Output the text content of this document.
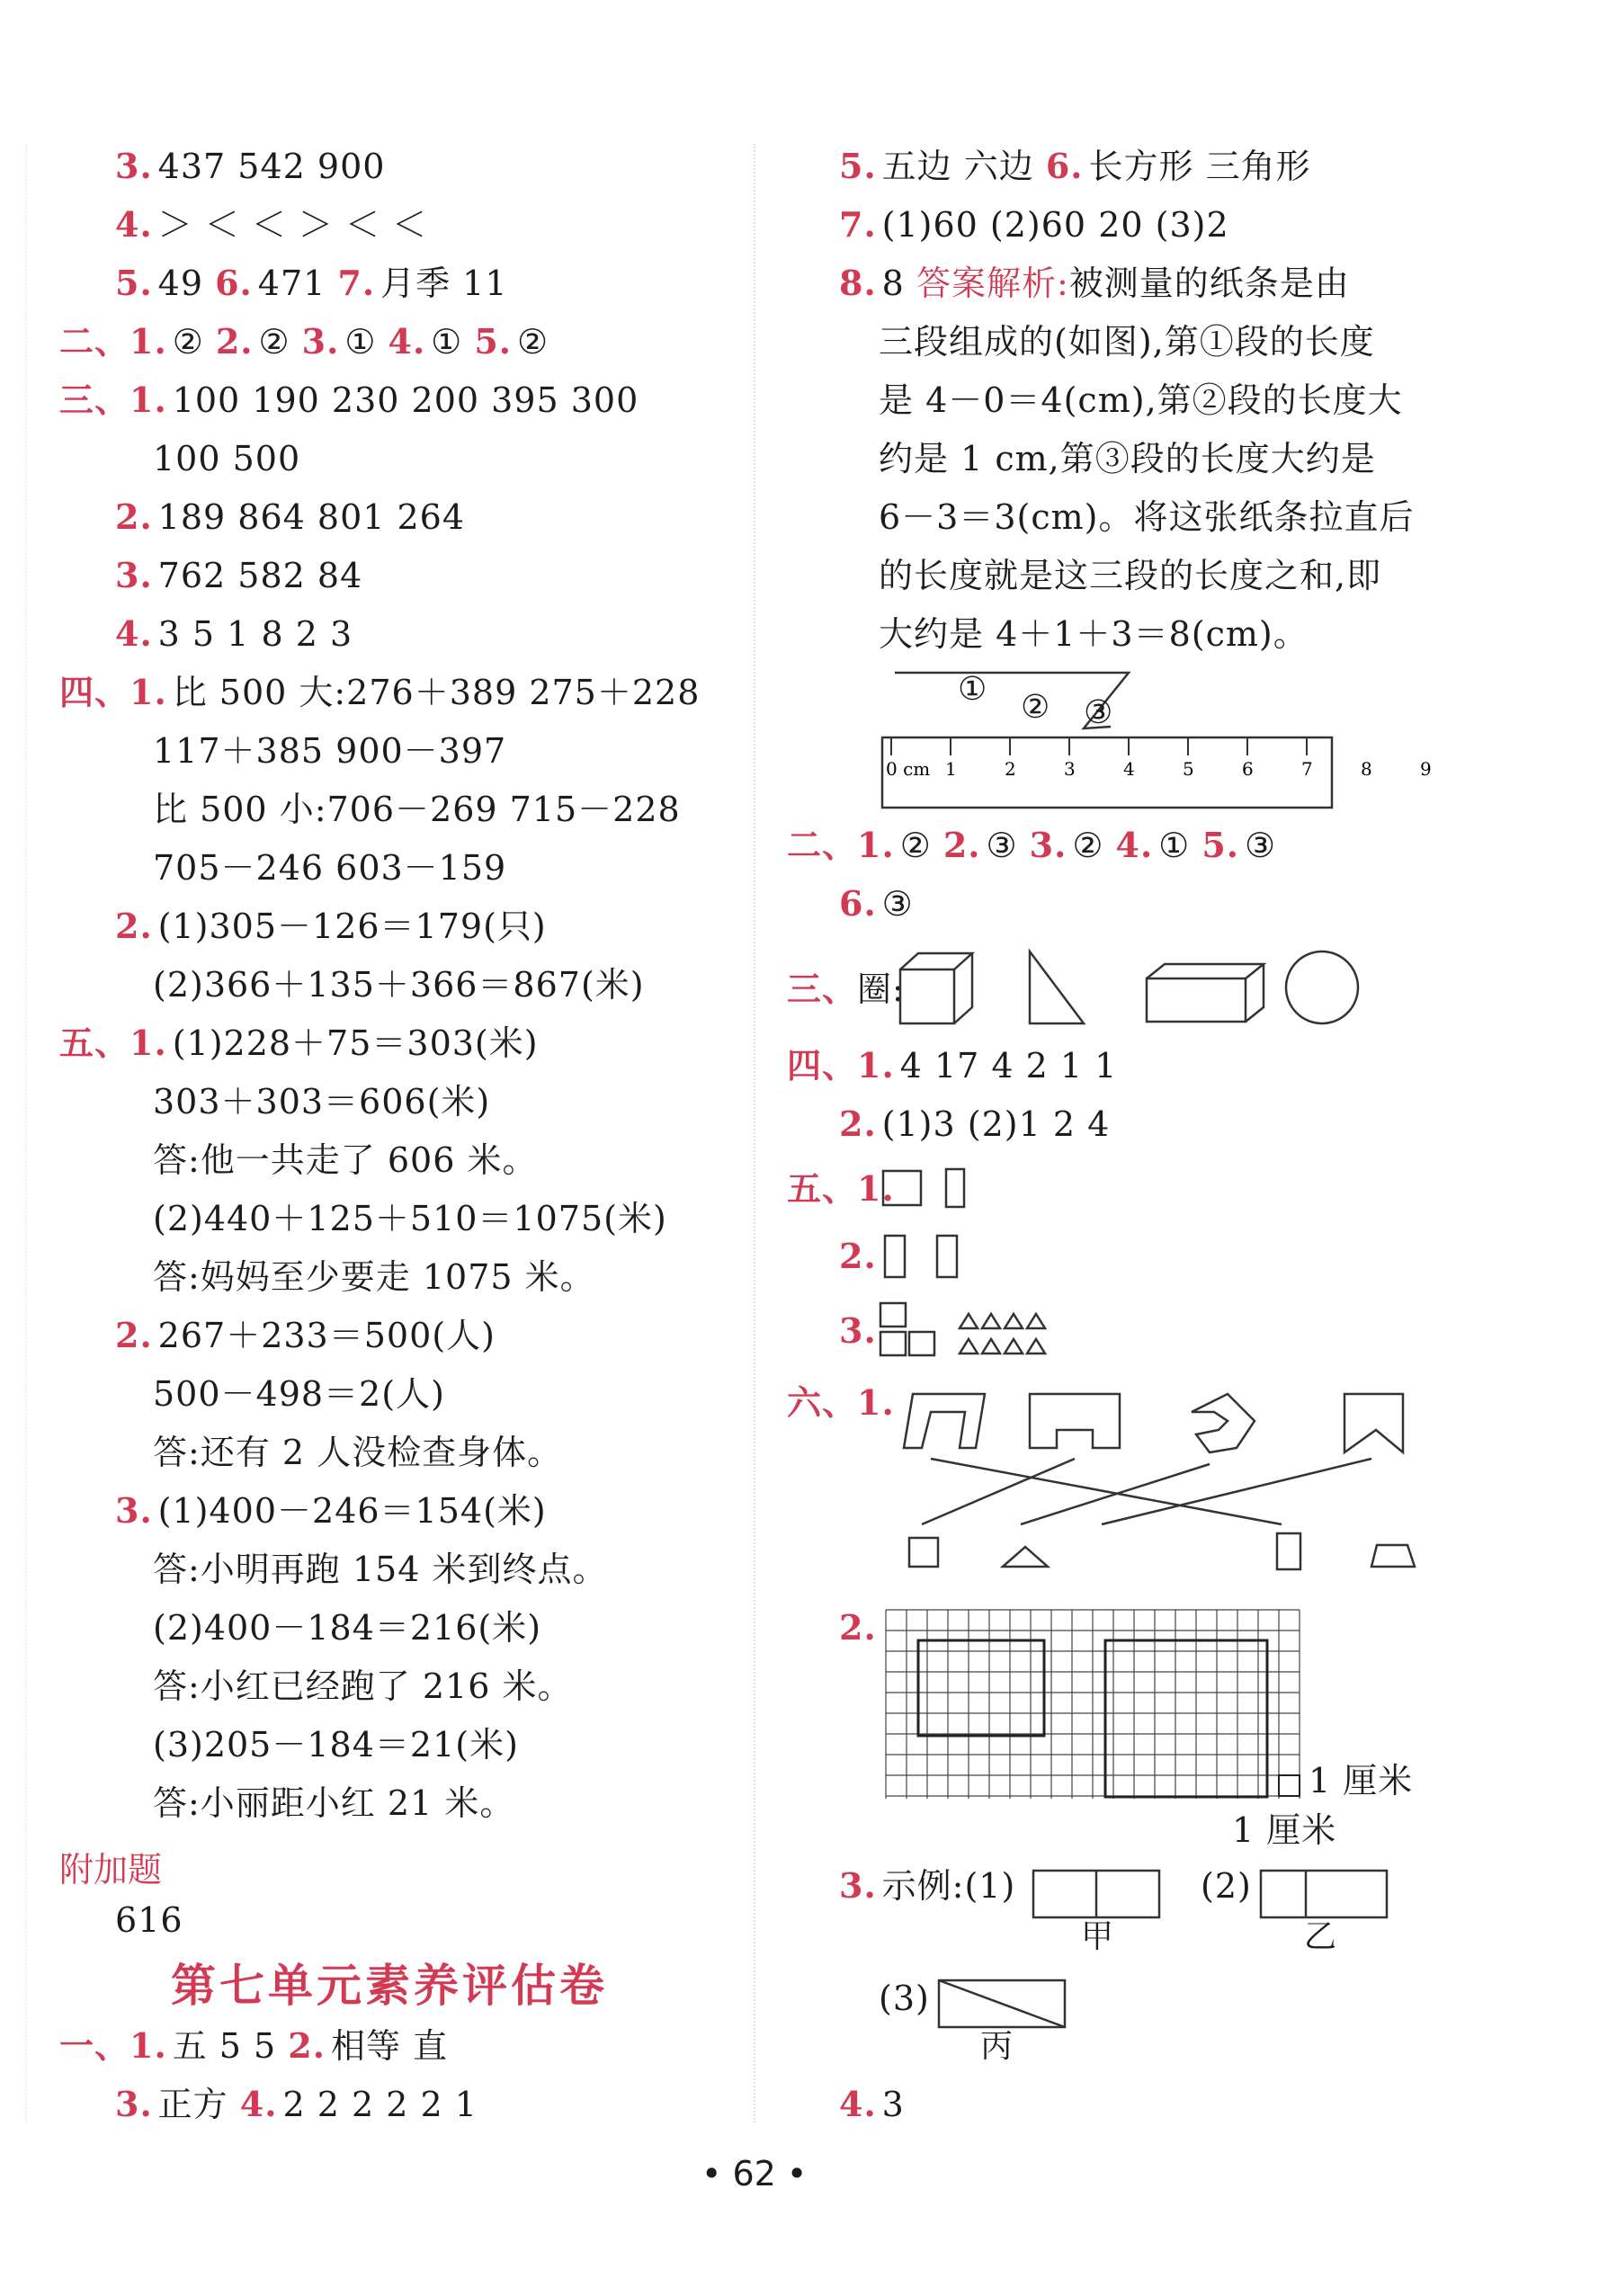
3. 437 542 900
4. ＞ ＜ ＜ ＞ ＜ ＜
5. 49 6. 471 7. 月季 11
二、1. ② 2. ② 3. ① 4. ① 5. ②
三、1. 100 190 230 200 395 300
100 500
2. 189 864 801 264
3. 762 582 84
4. 3 5 1 8 2 3
四、1. 比 500 大:276＋389 275＋228
117＋385 900－397
比 500 小:706－269 715－228
705－246 603－159
2. (1)305－126＝179(只)
(2)366＋135＋366＝867(米)
五、1. (1)228＋75＝303(米)
303＋303＝606(米)
答:他一共走了 606 米。
(2)440＋125＋510＝1075(米)
答:妈妈至少要走 1075 米。
2. 267＋233＝500(人)
500－498＝2(人)
答:还有 2 人没检查身体。
3. (1)400－246＝154(米)
答:小明再跑 154 米到终点。
(2)400－184＝216(米)
答:小红已经跑了 216 米。
(3)205－184＝21(米)
答:小丽距小红 21 米。
附加题
616
第七单元素养评估卷
一、1. 五 5 5 2. 相等 直
3. 正方 4. 2 2 2 2 2 1
5. 五边 六边 6. 长方形 三角形
7. (1)60 (2)60 20 (3)2
8. 8 答案解析:被测量的纸条是由
三段组成的(如图),第①段的长度
是 4－0＝4(cm),第②段的长度大
约是 1 cm,第③段的长度大约是
6－3＝3(cm)。将这张纸条拉直后
的长度就是这三段的长度之和,即
大约是 4＋1＋3＝8(cm)。
① ② ③
0 cm 1	2	3	4	5	6	7	8	9
二、1. ② 2. ③ 3. ② 4. ① 5. ③
6. ③
三、圈:
四、1. 4 17 4 2 1 1
2. (1)3 (2)1 2 4
五、1.
2.
3.
六、1.
2.
1 厘米
1 厘米
3. 示例:(1)
甲
(2)
乙
(3)
丙
4. 3
• 62 •
